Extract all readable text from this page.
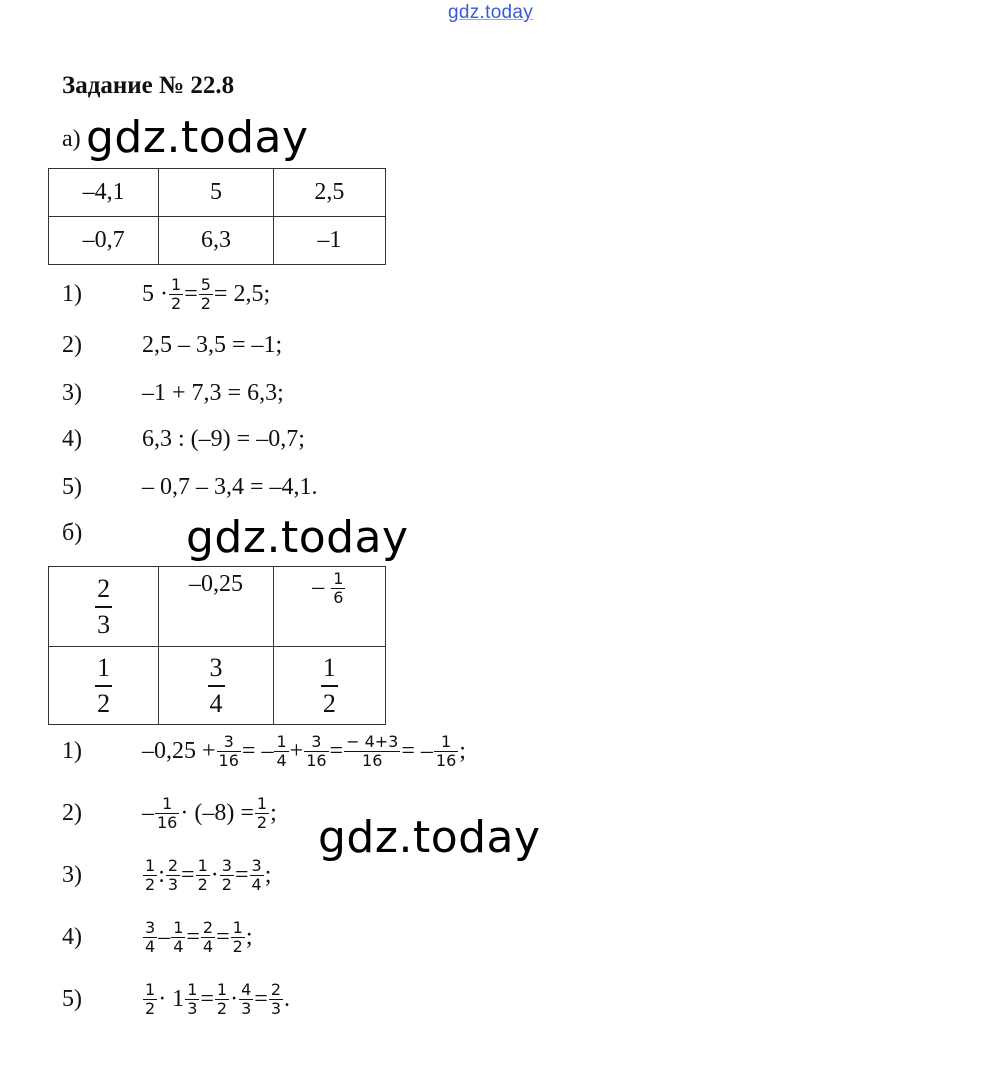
gdz.today
gdz.today
gdz.today
gdz.today
Задание № 22.8
а)
–4,1	5	2,5
–0,7	6,3	–1
1)	$5 \cdot \frac{1}{2} = \frac{5}{2} = 2,5$;
2)	2,5 – 3,5 = –1;
3)	–1 + 7,3 = 6,3;
4)	6,3 : (–9) = –0,7;
5)	– 0,7 – 3,4 = –4,1.
б)
$\frac{2}{3}$	–0,25	– $\frac{1}{6}$

$\frac{1}{2}$	$\frac{3}{4}$	$\frac{1}{2}$
1)	$-0,25 + \frac{3}{16}$ = – $\frac{1}{4} + \frac{3}{16} = \frac{- 4+3}{16}$ = – $\frac{1}{16}$ ;
2)	– $\frac{1}{16} \cdot (-8) = \frac{1}{2}$ ;
3)	$\frac{1}{2}$ : $\frac{2}{3} = \frac{1}{2} \cdot \frac{3}{2} = \frac{3}{4}$ ;
4)	$\frac{3}{4} - \frac{1}{4} = \frac{2}{4} = \frac{1}{2}$ ;
5)	$\frac{1}{2} \cdot 1 \frac{1}{3} = \frac{1}{2} \cdot \frac{4}{3} = \frac{2}{3}$ .
